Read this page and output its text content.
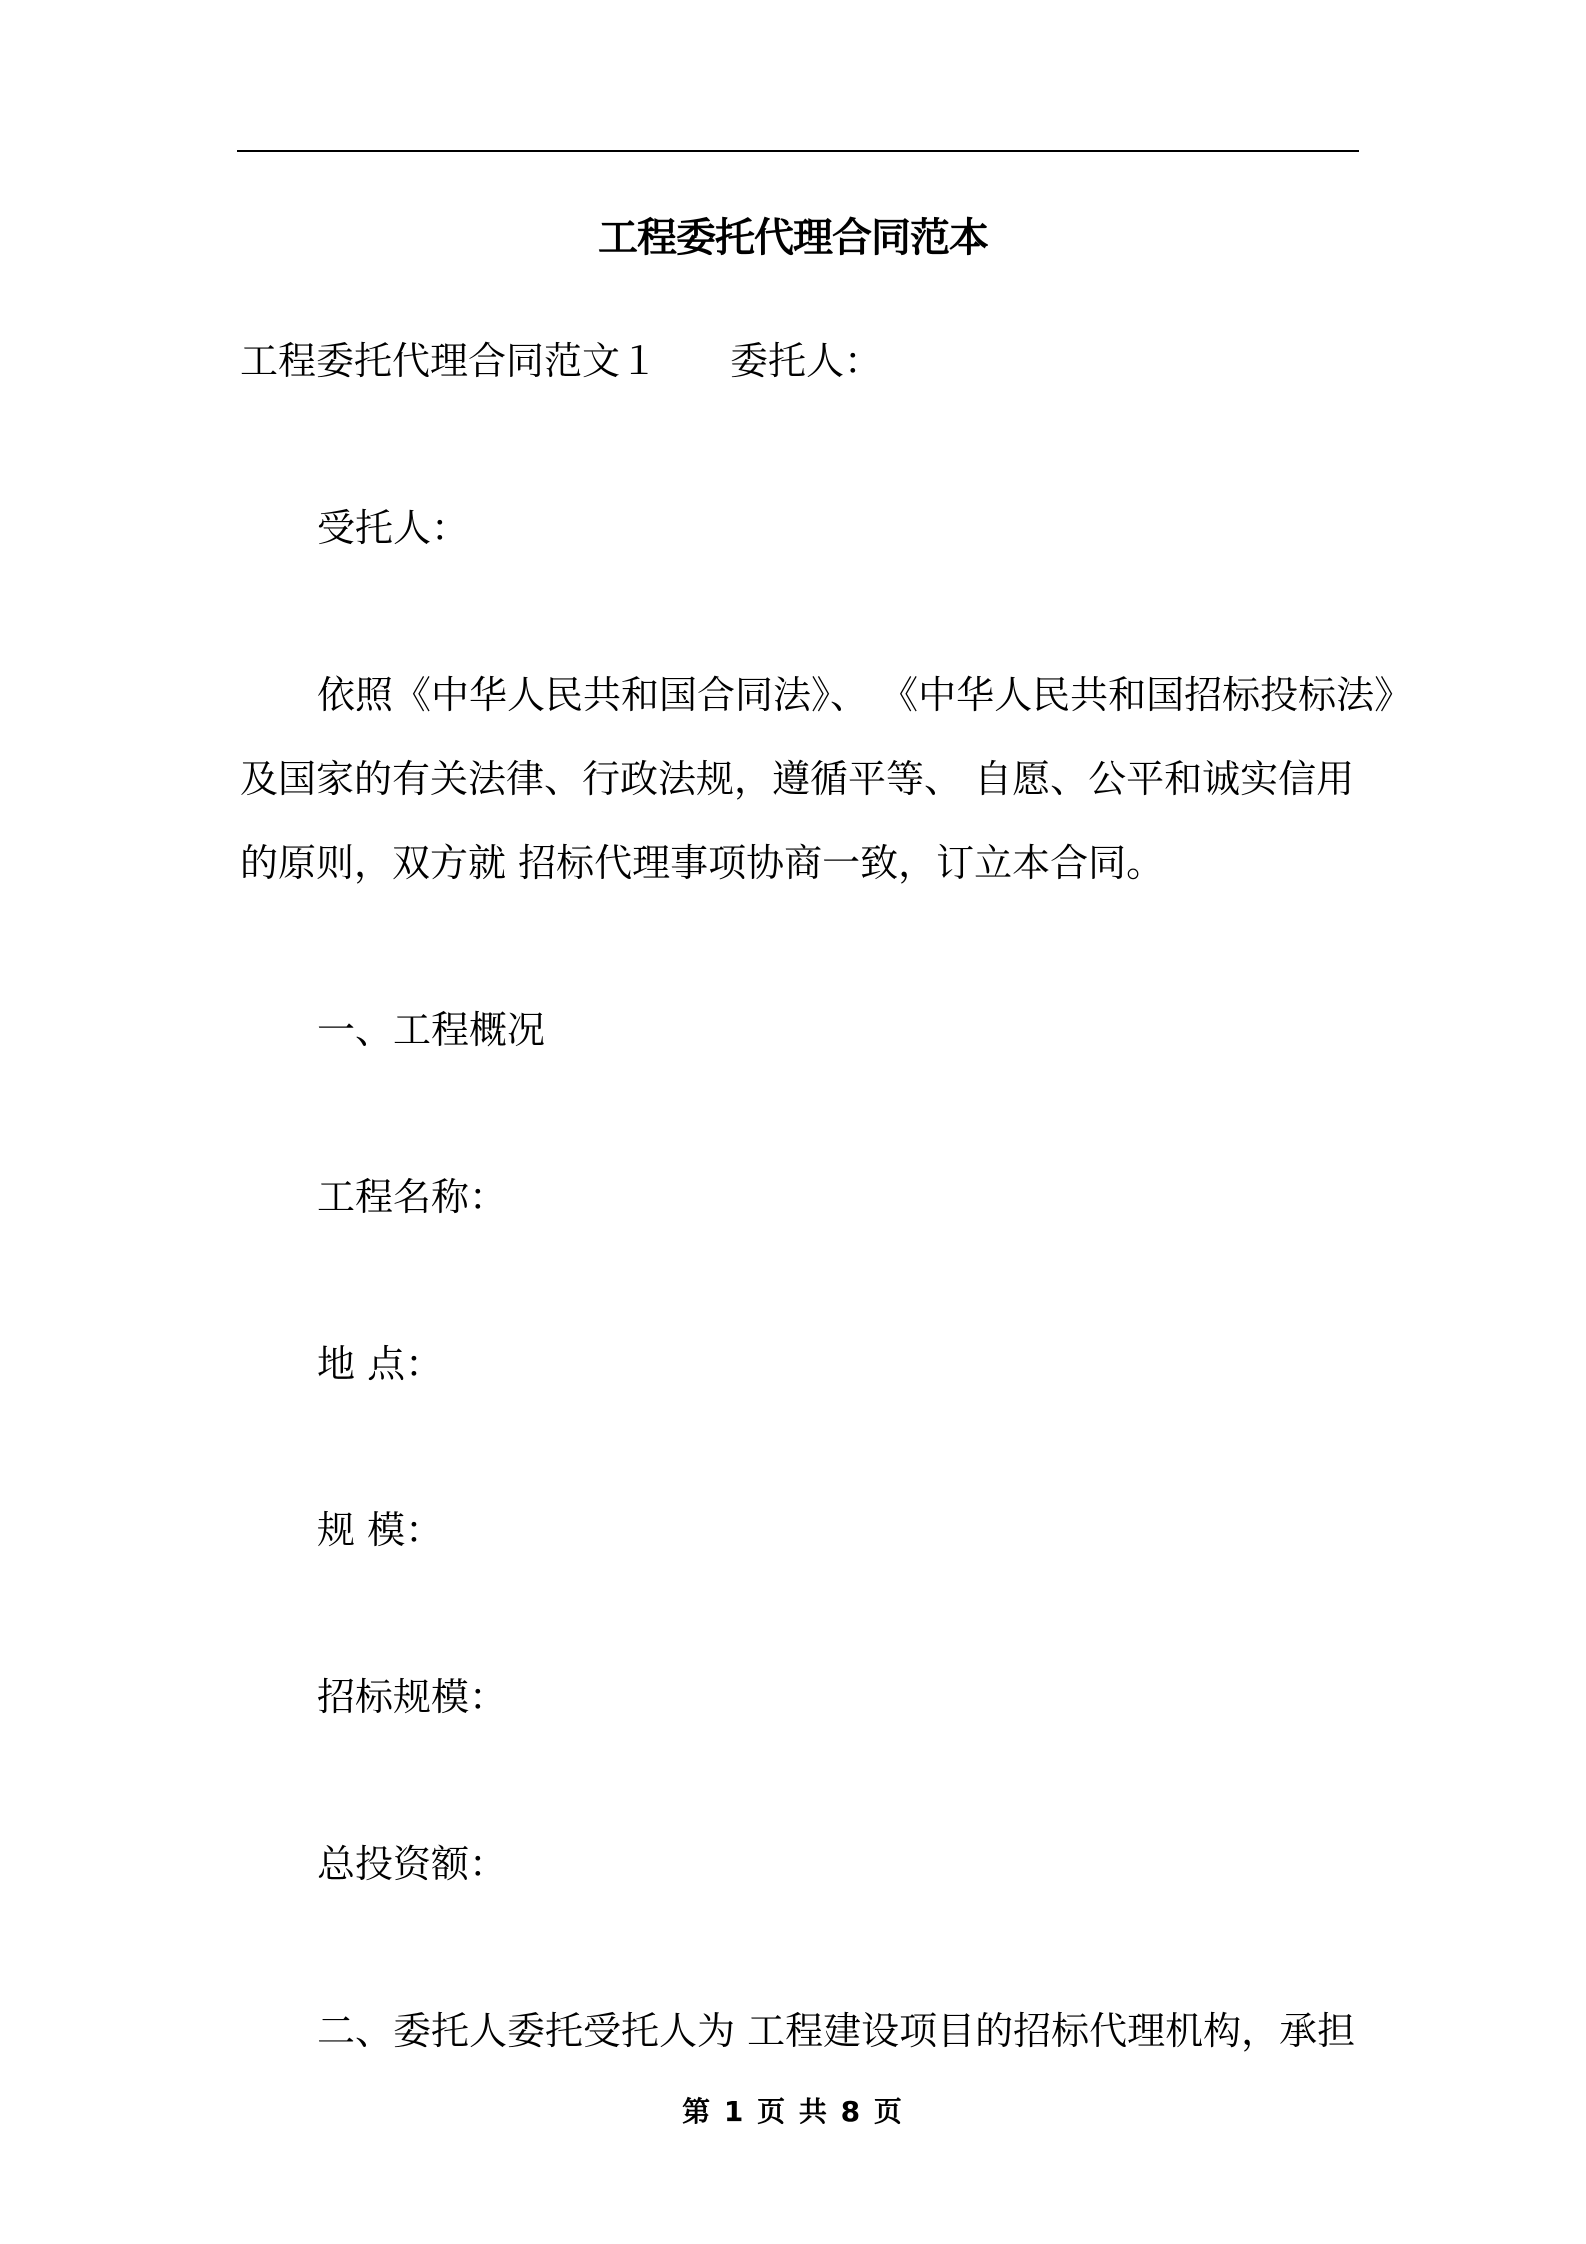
工程委托代理合同范本
工程委托代理合同范文１ 委托人：
受托人：
依照《中华人民共和国合同法》、 《中华人民共和国招标投标法》
及国家的有关法律、行政法规，遵循平等、 自愿、公平和诚实信用
的原则，双方就 招标代理事项协商一致，订立本合同。
一、工程概况
工程名称：
地 点：
规 模：
招标规模：
总投资额：
二、委托人委托受托人为 工程建设项目的招标代理机构，承担
第 1 页 共 8 页
